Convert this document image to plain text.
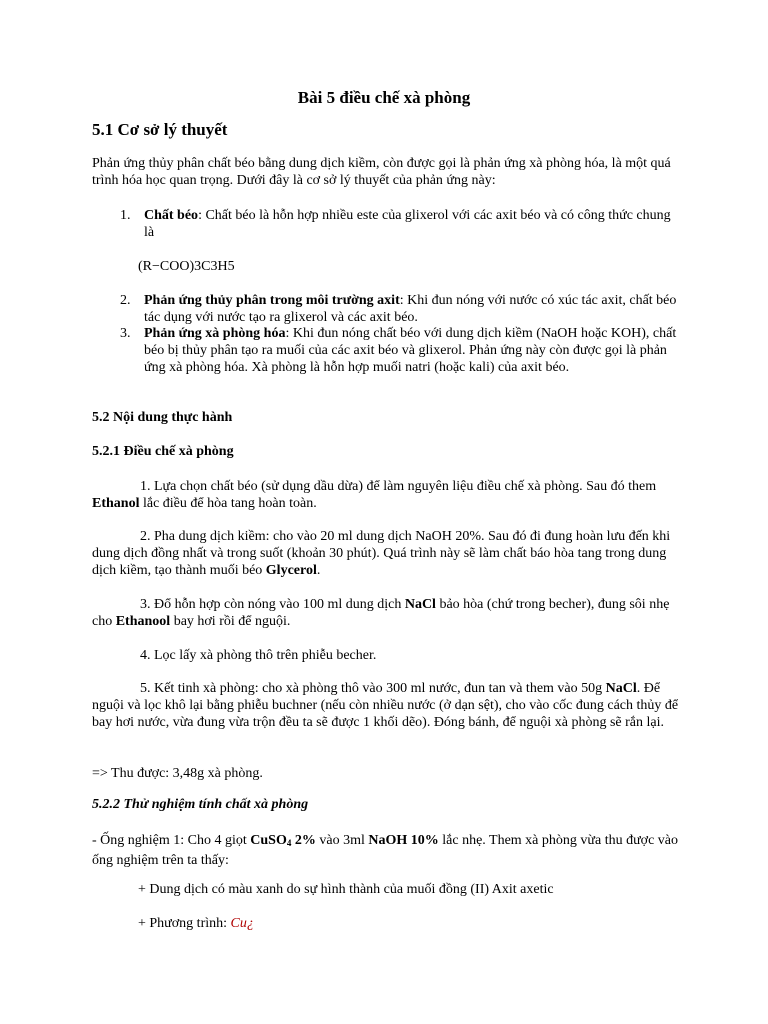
Bài 5 điều chế xà phòng
5.1 Cơ sở lý thuyết

Phản ứng thủy phân chất béo bằng dung dịch kiềm, còn được gọi là phản ứng xà phòng hóa, là một quá trình hóa học quan trọng. Dưới đây là cơ sở lý thuyết của phản ứng này:

1. Chất béo: Chất béo là hỗn hợp nhiều este của glixerol với các axit béo và có công thức chung là
(R−COO)3C3H5
2. Phản ứng thủy phân trong môi trường axit: Khi đun nóng với nước có xúc tác axit, chất béo tác dụng với nước tạo ra glixerol và các axit béo.
3. Phản ứng xà phòng hóa: Khi đun nóng chất béo với dung dịch kiềm (NaOH hoặc KOH), chất béo bị thủy phân tạo ra muối của các axit béo và glixerol. Phản ứng này còn được gọi là phản ứng xà phòng hóa. Xà phòng là hỗn hợp muối natri (hoặc kali) của axit béo.
5.2 Nội dung thực hành
5.2.1 Điều chế xà phòng

1. Lựa chọn chất béo (sử dụng dầu dừa) để làm nguyên liệu điều chế xà phòng. Sau đó them Ethanol lắc điều để hòa tang hoàn toàn.

2. Pha dung dịch kiềm: cho vào 20 ml dung dịch NaOH 20%. Sau đó đi đung hoàn lưu đến khi dung dịch đồng nhất và trong suốt (khoản 30 phút). Quá trình này sẽ làm chất báo hòa tang trong dung dịch kiềm, tạo thành muối béo Glycerol.

3. Đổ hỗn hợp còn nóng vào 100 ml dung dịch NaCl bảo hòa (chứ trong becher), đung sôi nhẹ cho Ethanool bay hơi rồi để nguội.

4. Lọc lấy xà phòng thô trên phiễu becher.

5. Kết tinh xà phòng: cho xà phòng thô vào 300 ml nước, đun tan và them vào 50g NaCl. Để nguội và lọc khô lại bằng phiễu buchner (nếu còn nhiều nước (ở dạn sệt), cho vào cốc đung cách thủy để bay hơi nước, vừa đung vừa trộn đều ta sẽ được 1 khối dẽo). Đóng bánh, để nguội xà phòng sẽ rắn lại.

=> Thu được: 3,48g xà phòng.

5.2.2 Thử nghiệm tính chất xà phòng

- Ống nghiệm 1: Cho 4 giọt CuSO$_4$ 2% vào 3ml NaOH 10% lắc nhẹ. Them xà phòng vừa thu được vào ống nghiệm trên ta thấy:

+ Dung dịch có màu xanh do sự hình thành của muối đồng (II) Axit axetic
+ Phương trình: Cu¿
